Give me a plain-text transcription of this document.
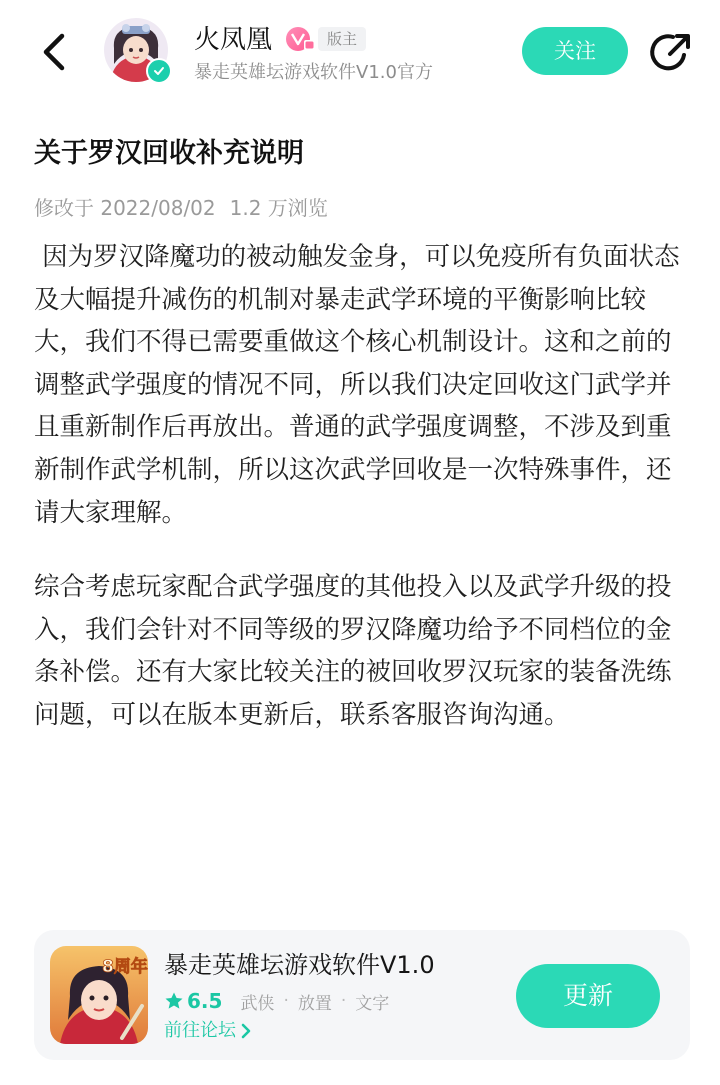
火凤凰	版主
暴走英雄坛游戏软件V1.0官方
关注
关于罗汉回收补充说明
修改于 2022/08/02 1.2 万浏览

因为罗汉降魔功的被动触发金身，可以免疫所有负面状态及大幅提升减伤的机制对暴走武学环境的平衡影响比较大，我们不得已需要重做这个核心机制设计。这和之前的调整武学强度的情况不同，所以我们决定回收这门武学并且重新制作后再放出。普通的武学强度调整，不涉及到重新制作武学机制，所以这次武学回收是一次特殊事件，还请大家理解。

综合考虑玩家配合武学强度的其他投入以及武学升级的投入，我们会针对不同等级的罗汉降魔功给予不同档位的金条补偿。还有大家比较关注的被回收罗汉玩家的装备洗练问题，可以在版本更新后，联系客服咨询沟通。

8周年 暴走英雄坛游戏软件V1.0
6.5 武侠 · 放置 · 文字
前往论坛
更新
